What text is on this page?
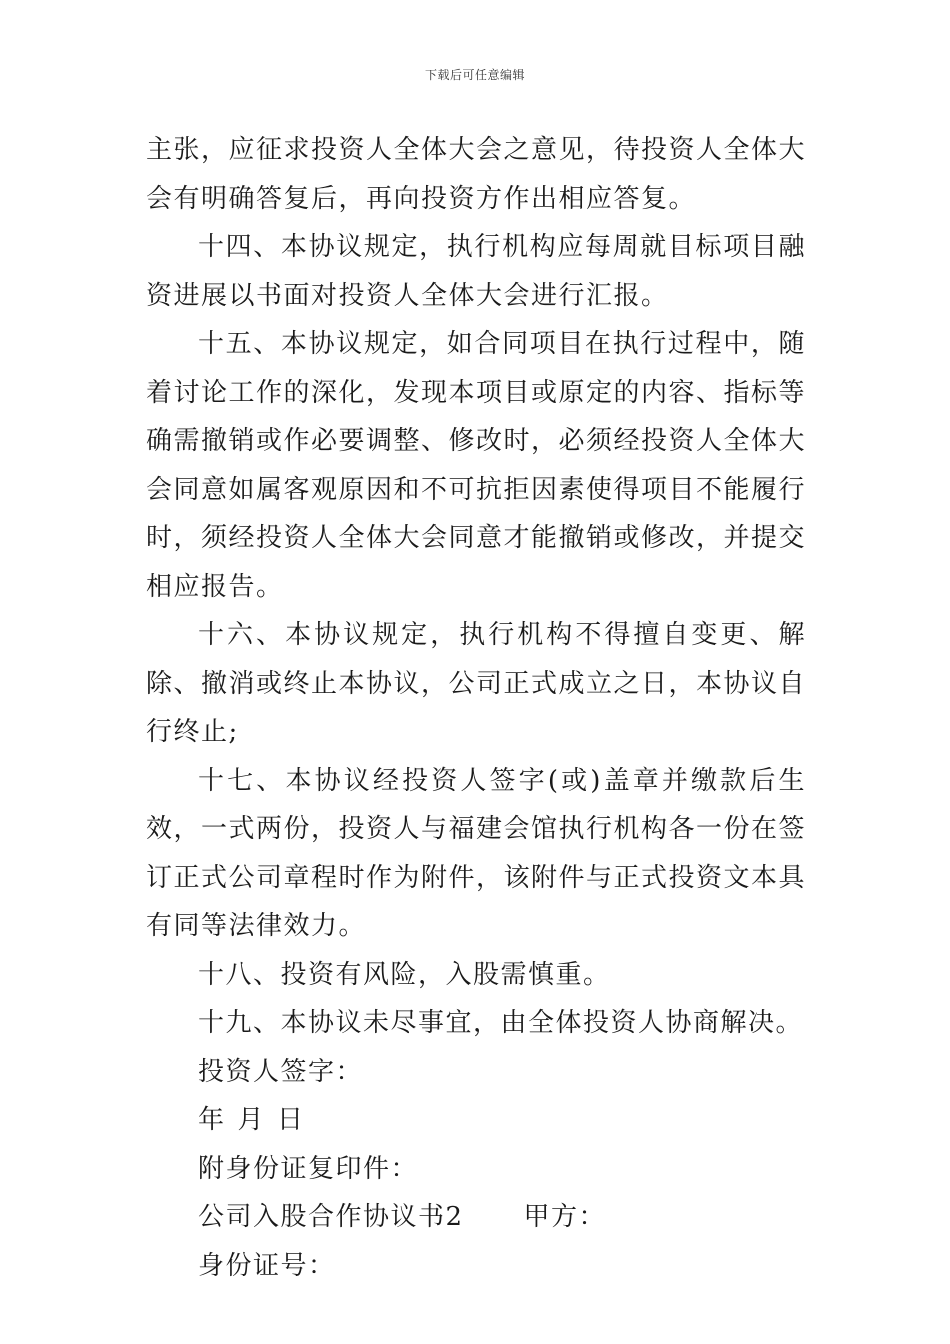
下载后可任意编辑

主张，应征求投资人全体大会之意见，待投资人全体大会有明确答复后，再向投资方作出相应答复。

十四、本协议规定，执行机构应每周就目标项目融资进展以书面对投资人全体大会进行汇报。

十五、本协议规定，如合同项目在执行过程中，随着讨论工作的深化，发现本项目或原定的内容、指标等确需撤销或作必要调整、修改时，必须经投资人全体大会同意如属客观原因和不可抗拒因素使得项目不能履行时，须经投资人全体大会同意才能撤销或修改，并提交相应报告。

十六、本协议规定，执行机构不得擅自变更、解除、撤消或终止本协议，公司正式成立之日，本协议自行终止;

十七、本协议经投资人签字(或)盖章并缴款后生效，一式两份，投资人与福建会馆执行机构各一份在签订正式公司章程时作为附件，该附件与正式投资文本具有同等法律效力。

十八、投资有风险，入股需慎重。

十九、本协议未尽事宜，由全体投资人协商解决。

投资人签字：

年 月 日

附身份证复印件：

公司入股合作协议书2 甲方：

身份证号：
